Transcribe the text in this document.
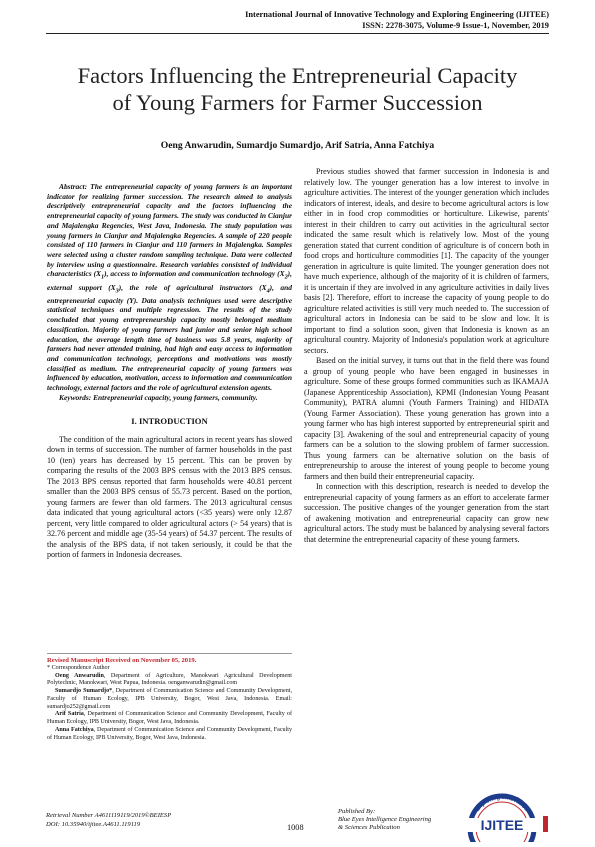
International Journal of Innovative Technology and Exploring Engineering (IJITEE)
ISSN: 2278-3075, Volume-9 Issue-1, November, 2019
Factors Influencing the Entrepreneurial Capacity
of Young Farmers for Farmer Succession
Oeng Anwarudin, Sumardjo Sumardjo, Arif Satria, Anna Fatchiya

Abstract: The entrepreneurial capacity of young farmers is an important indicator for realizing farmer succession. The research aimed to analysis descriptively entrepreneurial capacity and the factors influencing the entrepreneurial capacity of young farmers. The study was conducted in Cianjur and Majalengka Regencies, West Java, Indonesia. The study population was young farmers in Cianjur and Majalengka Regencies. A sample of 220 people consisted of 110 farmers in Cianjur and 110 farmers in Majalengka. Samples were selected using a cluster random sampling technique. Data were collected by interview using a questionnaire. Research variables consisted of individual characteristics $(X_1)$, access to information and communication technology $(X_2)$, external support $(X_3)$, the role of agricultural instructors $(X_4)$, and entrepreneurial capacity (Y). Data analysis techniques used were descriptive statistical techniques and multiple regression. The results of the study concluded that young entrepreneurship capacity mostly belonged medium classification. Majority of young farmers had junior and senior high school education, the average length time of business was 5.8 years, majority of farmers had never attended training, had high and easy access to information and communication technology, perceptions and motivations was mostly classified as medium. The entrepreneurial capacity of young farmers was influenced by education, motivation, access to information and communication technology, external factors and the role of agricultural extension agents.

Keywords: Entrepreneurial capacity, young farmers, community.

I. INTRODUCTION

The condition of the main agricultural actors in recent years has slowed down in terms of succession. The number of farmer households in the past 10 (ten) years has decreased by 15 percent. This can be proven by comparing the results of the 2003 BPS census with the 2013 BPS census. The 2013 BPS census reported that farm households were 40.81 percent smaller than the 2003 BPS census of 55.73 percent. Based on the portion, young farmers are fewer than old farmers. The 2013 agricultural census data indicated that young agricultural actors (<35 years) were only 12.87 percent, very little compared to older agricultural actors (> 54 years) that is 32.76 percent and middle age (35-54 years) of 54.37 percent. The results of the analysis of the BPS data, if not taken seriously, it could be that the portion of farmers in Indonesia decreases.

Previous studies showed that farmer succession in Indonesia is and relatively low. The younger generation has a low interest to involve in agriculture activities. The interest of the younger generation which includes indicators of interest, ideals, and desire to become agricultural actors is low either in in food crop commodities or horticulture. Likewise, parents' interest in their children to carry out activities in the agricultural sector indicated the same result which is relatively low. Most of the young generation stated that current condition of agriculture is of concern both in food crops and horticulture commodities [1]. The capacity of the younger generation in agriculture is quite limited. The younger generation does not have much experience, although of the majority of it is children of farmers, it is uncertain if they are involved in any agriculture activities in daily lives basis [2]. Therefore, effort to increase the capacity of young people to do agriculture related activities is still very much needed to. The succession of agricultural actors in Indonesia can be said to be slow and low. It is important to find a solution soon, given that Indonesia is known as an agricultural country. Majority of Indonesia's population work at agriculture sectors.

Based on the initial survey, it turns out that in the field there was found a group of young people who have been engaged in businesses in agriculture. Some of these groups formed communities such as IKAMAJA (Japanese Apprenticeship Association), KPMI (Indonesian Young Peasant Community), PATRA alumni (Youth Farmers Training) and HIDATA (Young Farmer Association). These young generation has grown into a young farmer who has high interest supported by entrepreneurial spirit and capacity [3]. Awakening of the soul and entrepreneurial capacity of young farmers can be a solution to the slowing problem of farmer succession. Thus young farmers can be alternative solution on the basis of entrepreneurship to arouse the interest of young people to become young farmers and then build their entrepreneurial capacity.

In connection with this description, research is needed to develop the entrepreneurial capacity of young farmers as an effort to accelerate farmer succession. The positive changes of the younger generation from the start of awakening motivation and entrepreneurial capacity can grow new agricultural actors. The study must be balanced by analysing several factors that determine the entrepreneurial capacity of these young farmers.

Revised Manuscript Received on November 05, 2019.
* Correspondence Author
Oeng Anwarudin, Department of Agriculture, Manokwari Agricultural Development Polytechnic, Manokwari, West Papua, Indonesia. oenganwarudin@gmail.com
Sumardjo Sumardjo*, Department of Communication Science and Community Development, Faculty of Human Ecology, IPB University, Bogor, West Java, Indonesia. Email: sumardjo252@gmail.com
Arif Satria, Department of Communication Science and Community Development, Faculty of Human Ecology, IPB University, Bogor, West Java, Indonesia.
Anna Fatchiya, Department of Communication Science and Community Development, Faculty of Human Ecology, IPB University, Bogor, West Java, Indonesia.
Retrieval Number A4611119119/2019©BEIESP
DOI: 10.35940/ijitee.A4611.119119	1008
Published By:
Blue Eyes Intelligence Engineering
& Sciences Publication
Exploring Innovation
IJITEE
